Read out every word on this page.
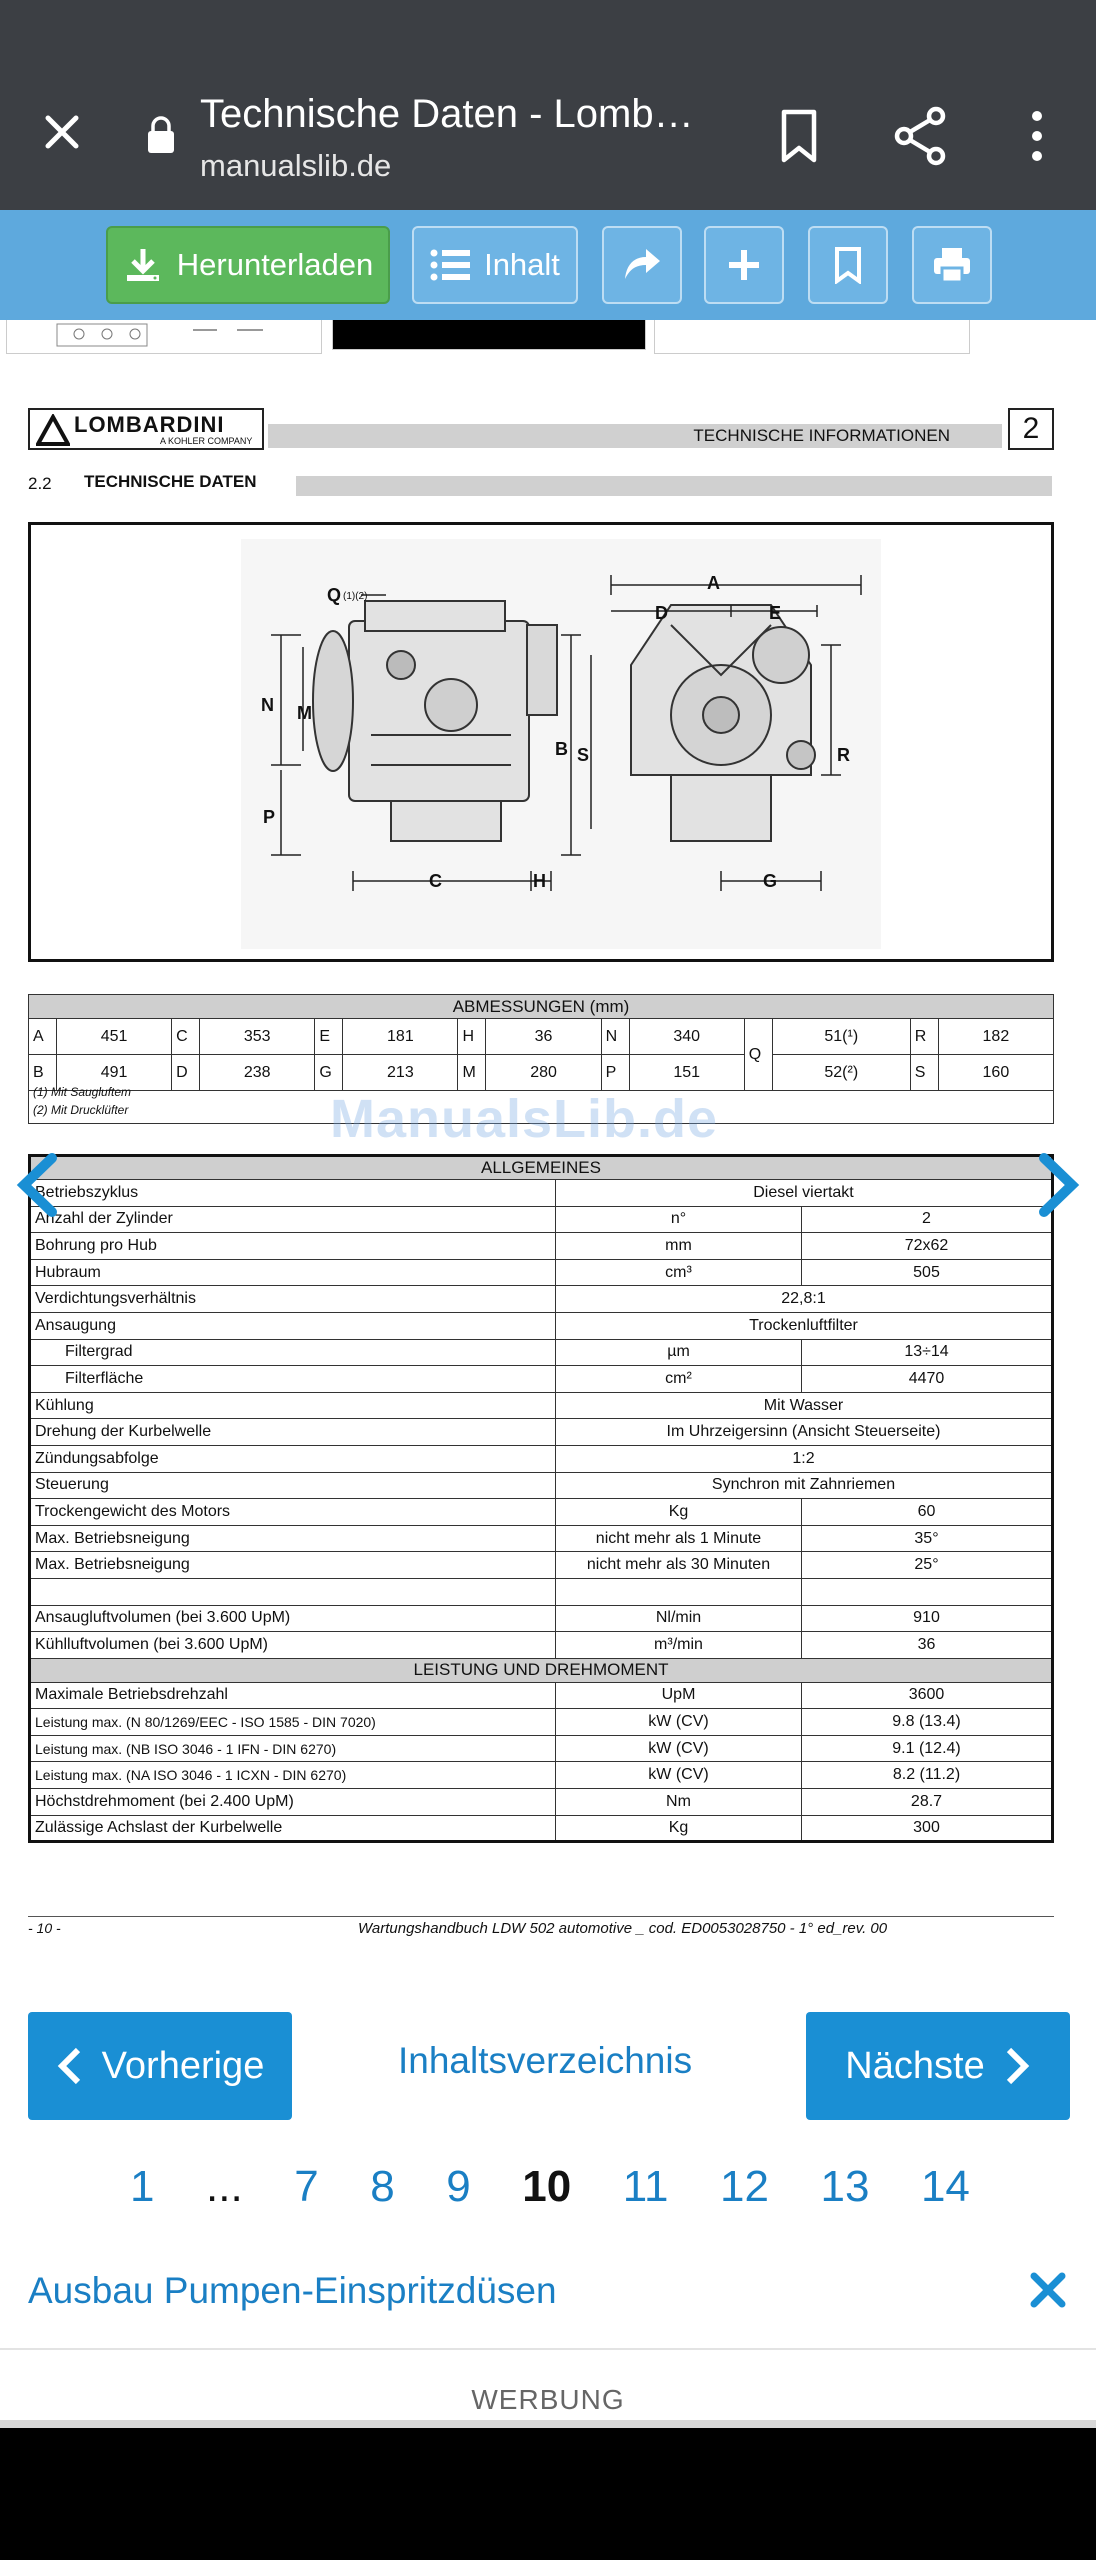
Technische Daten - Lomb…
manualslib.de
Herunterladen	Inhalt
LOMBARDINI
A KOHLER COMPANY	TECHNISCHE INFORMATIONEN	2
2.2 TECHNISCHE DATEN
Q (1)(2)
N M
P
C	H
A
D	E
B S	R
G
ABMESSUNGEN (mm)													
A	451	C	353	E	181	H	36	N	340	Q	51(¹)	R	182
B	491	D	238	G	213	M	280	P	151		52(²)	S	160
(1) Mit Saugluftem
(2) Mit Drucklüfter	ManualsLib.de
ALLGEMEINES		
Betriebszyklus	Diesel viertakt	
Anzahl der Zylinder	n°	2
Bohrung pro Hub	mm	72x62
Hubraum	cm³	505
Verdichtungsverhältnis	22,8:1	
Ansaugung	Trockenluftfilter	
Filtergrad	µm	13÷14
Filterfläche	cm²	4470
Kühlung	Mit Wasser	
Drehung der Kurbelwelle	Im Uhrzeigersinn (Ansicht Steuerseite)	
Zündungsabfolge	1:2	
Steuerung	Synchron mit Zahnriemen	
Trockengewicht des Motors	Kg	60
Max. Betriebsneigung	nicht mehr als 1 Minute	35°
Max. Betriebsneigung	nicht mehr als 30 Minuten	25°

Ansaugluftvolumen (bei 3.600 UpM)	Nl/min	910
Kühlluftvolumen (bei 3.600 UpM)	m³/min	36
LEISTUNG UND DREHMOMENT		
Maximale Betriebsdrehzahl	UpM	3600
Leistung max. (N 80/1269/EEC - ISO 1585 - DIN 7020)	kW (CV)	9.8 (13.4)
Leistung max. (NB ISO 3046 - 1 IFN - DIN 6270)	kW (CV)	9.1 (12.4)
Leistung max. (NA ISO 3046 - 1 ICXN - DIN 6270)	kW (CV)	8.2 (11.2)
Höchstdrehmoment (bei 2.400 UpM)	Nm	28.7
Zulässige Achslast der Kurbelwelle	Kg	300
- 10 -	Wartungshandbuch LDW 502 automotive _ cod. ED0053028750 - 1° ed_rev. 00
Vorherige	Inhaltsverzeichnis	Nächste
1 ... 7 8 9 10 11 12 13 14
Ausbau Pumpen-Einspritzdüsen
WERBUNG
